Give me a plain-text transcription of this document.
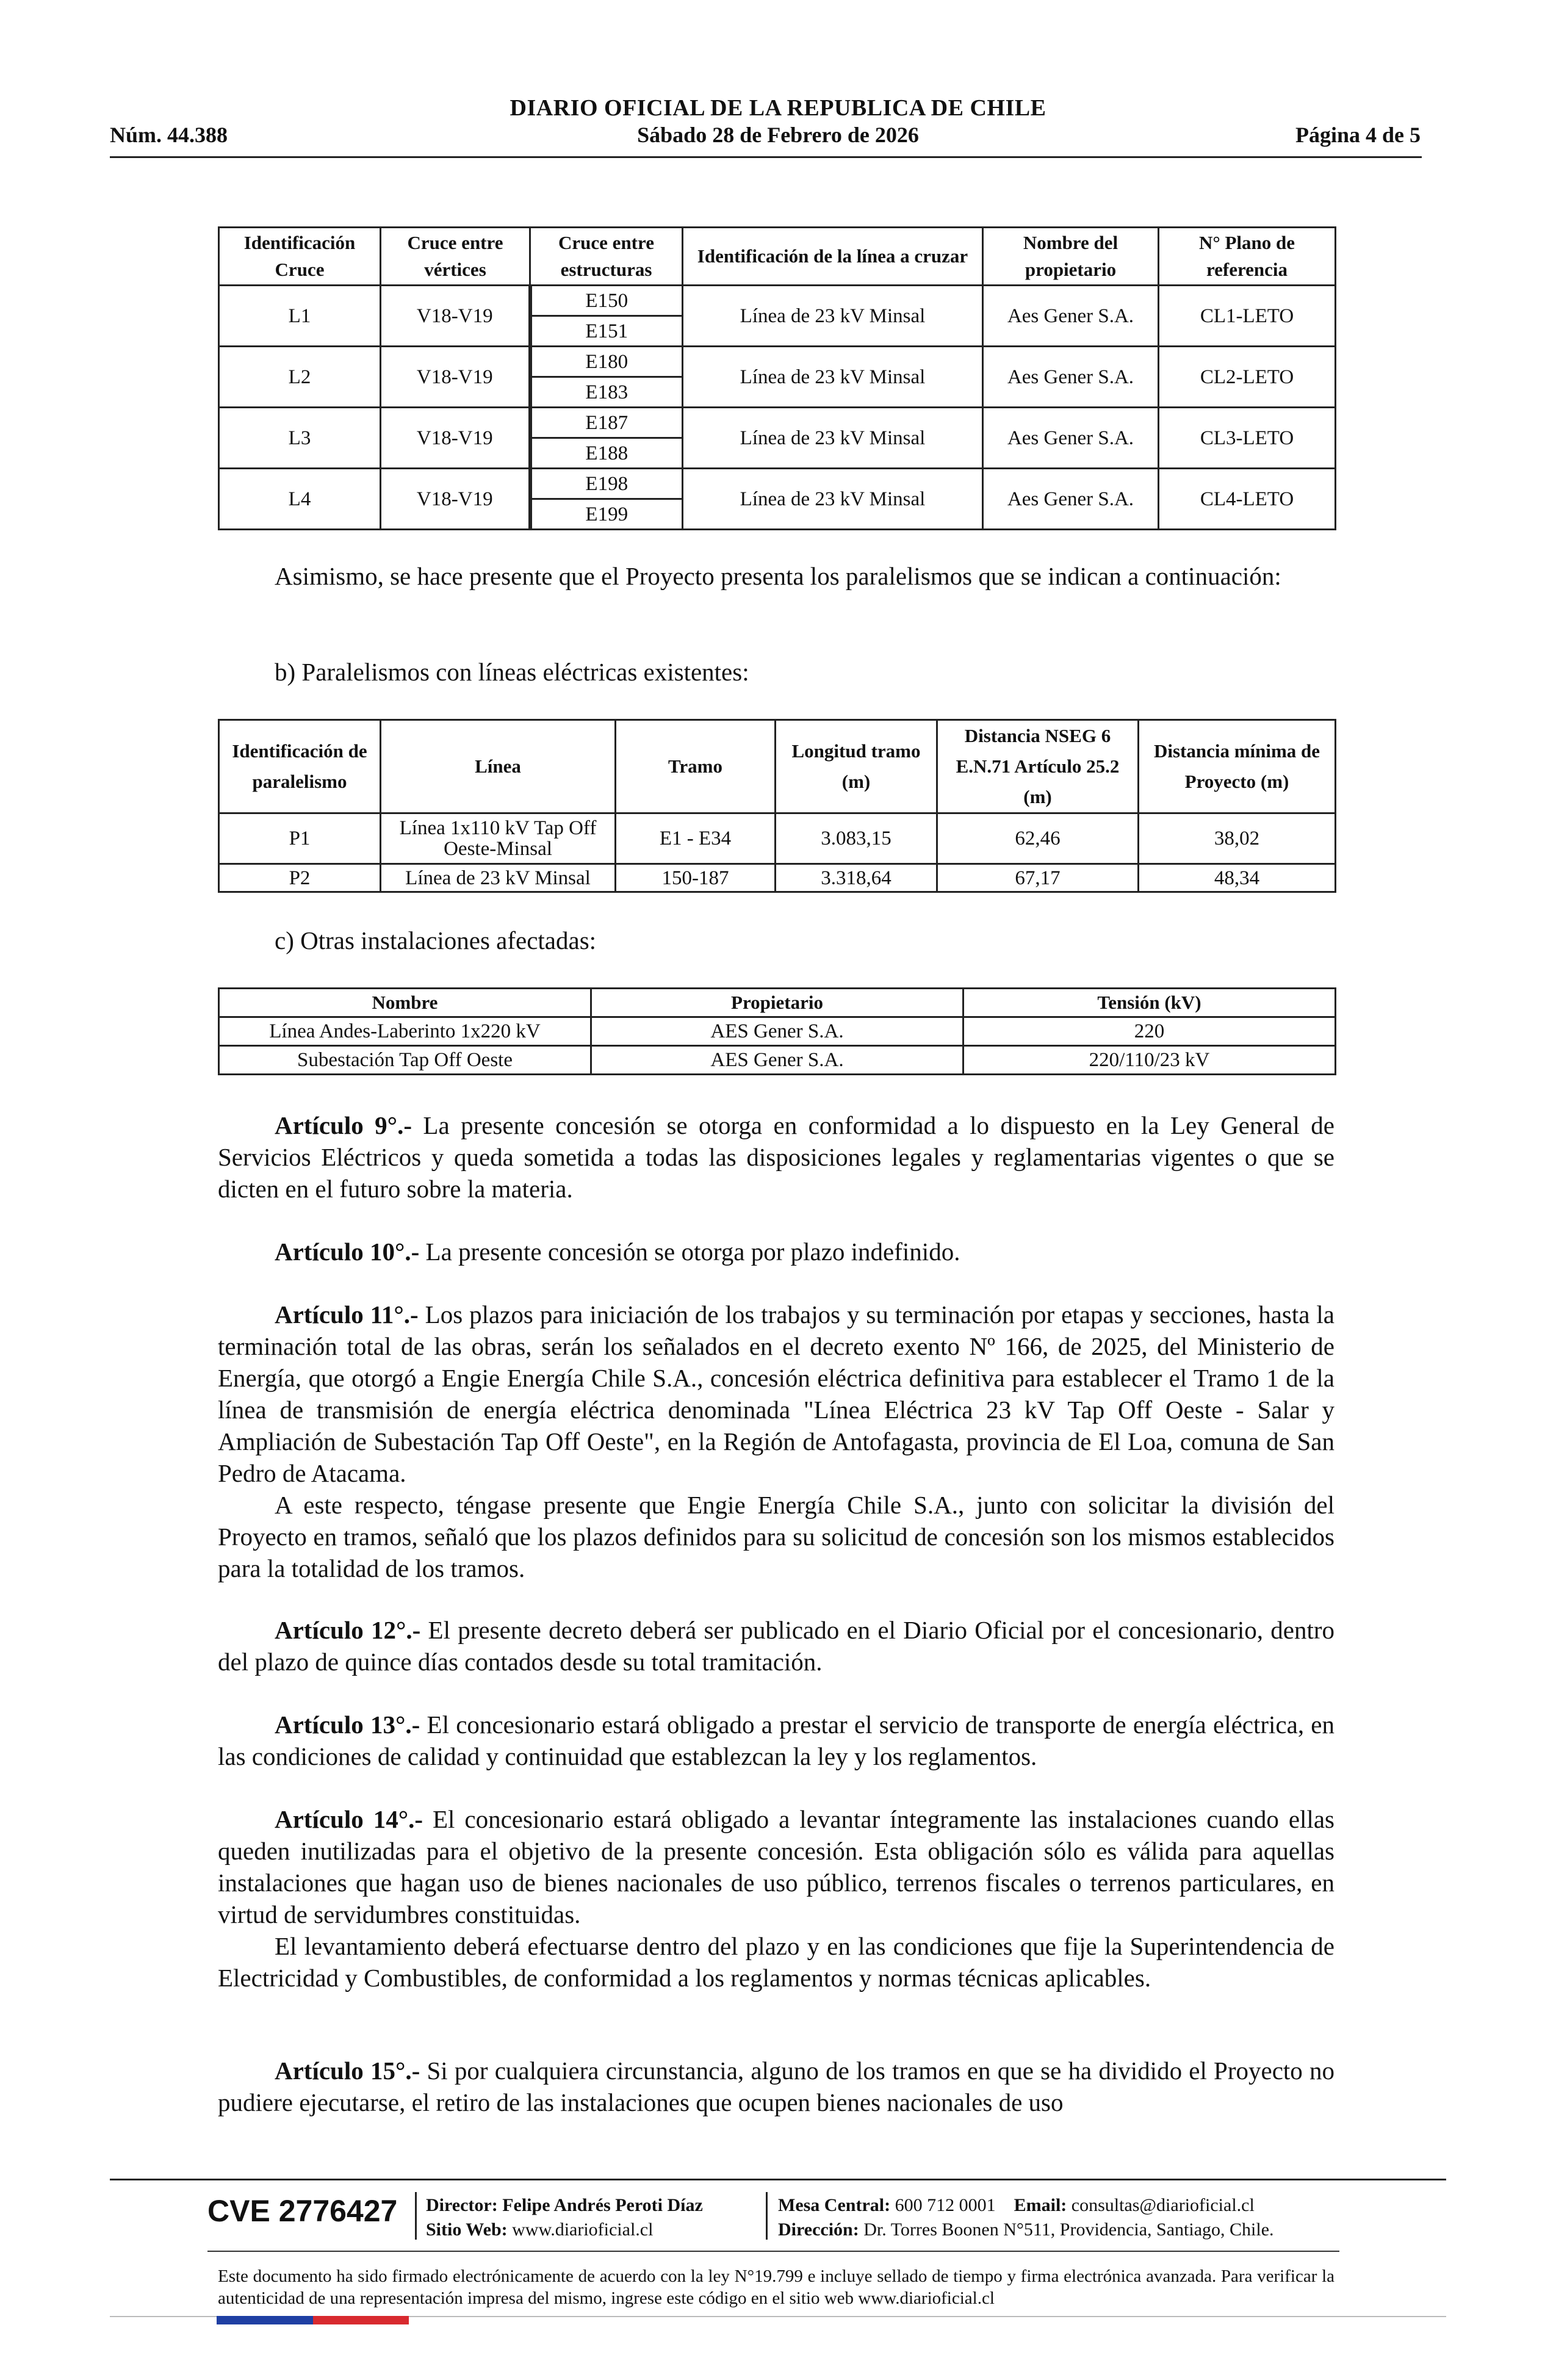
DIARIO OFICIAL DE LA REPUBLICA DE CHILE
Núm. 44.388	Sábado 28 de Febrero de 2026	Página 4 de 5
Identificación Cruce	Cruce entre vértices	Cruce entre estructuras	Identificación de la línea a cruzar	Nombre del propietario	N° Plano de referencia
L1	V18-V19	E150	Línea de 23 kV Minsal	Aes Gener S.A.	CL1-LETO
		E151			
L2	V18-V19	E180	Línea de 23 kV Minsal	Aes Gener S.A.	CL2-LETO
		E183			
L3	V18-V19	E187	Línea de 23 kV Minsal	Aes Gener S.A.	CL3-LETO
		E188			
L4	V18-V19	E198	Línea de 23 kV Minsal	Aes Gener S.A.	CL4-LETO
		E199			
Asimismo, se hace presente que el Proyecto presenta los paralelismos que se indican a continuación:
b) Paralelismos con líneas eléctricas existentes:
Identificación de paralelismo	Línea	Tramo	Longitud tramo (m)	Distancia NSEG 6 E.N.71 Artículo 25.2 (m)	Distancia mínima de Proyecto (m)
P1	Línea 1x110 kV Tap Off Oeste-Minsal	E1 - E34	3.083,15	62,46	38,02
P2	Línea de 23 kV Minsal	150-187	3.318,64	67,17	48,34
c) Otras instalaciones afectadas:
Nombre	Propietario	Tensión (kV)
Línea Andes-Laberinto 1x220 kV	AES Gener S.A.	220
Subestación Tap Off Oeste	AES Gener S.A.	220/110/23 kV
Artículo 9°.- La presente concesión se otorga en conformidad a lo dispuesto en la Ley General de Servicios Eléctricos y queda sometida a todas las disposiciones legales y reglamentarias vigentes o que se dicten en el futuro sobre la materia.
Artículo 10°.- La presente concesión se otorga por plazo indefinido.
Artículo 11°.- Los plazos para iniciación de los trabajos y su terminación por etapas y secciones, hasta la terminación total de las obras, serán los señalados en el decreto exento Nº 166, de 2025, del Ministerio de Energía, que otorgó a Engie Energía Chile S.A., concesión eléctrica definitiva para establecer el Tramo 1 de la línea de transmisión de energía eléctrica denominada "Línea Eléctrica 23 kV Tap Off Oeste - Salar y Ampliación de Subestación Tap Off Oeste", en la Región de Antofagasta, provincia de El Loa, comuna de San Pedro de Atacama.
A este respecto, téngase presente que Engie Energía Chile S.A., junto con solicitar la división del Proyecto en tramos, señaló que los plazos definidos para su solicitud de concesión son los mismos establecidos para la totalidad de los tramos.
Artículo 12°.- El presente decreto deberá ser publicado en el Diario Oficial por el concesionario, dentro del plazo de quince días contados desde su total tramitación.
Artículo 13°.- El concesionario estará obligado a prestar el servicio de transporte de energía eléctrica, en las condiciones de calidad y continuidad que establezcan la ley y los reglamentos.
Artículo 14°.- El concesionario estará obligado a levantar íntegramente las instalaciones cuando ellas queden inutilizadas para el objetivo de la presente concesión. Esta obligación sólo es válida para aquellas instalaciones que hagan uso de bienes nacionales de uso público, terrenos fiscales o terrenos particulares, en virtud de servidumbres constituidas.
El levantamiento deberá efectuarse dentro del plazo y en las condiciones que fije la Superintendencia de Electricidad y Combustibles, de conformidad a los reglamentos y normas técnicas aplicables.
Artículo 15°.- Si por cualquiera circunstancia, alguno de los tramos en que se ha dividido el Proyecto no pudiere ejecutarse, el retiro de las instalaciones que ocupen bienes nacionales de uso
CVE 2776427 Director: Felipe Andrés Peroti Díaz
Sitio Web: www.diarioficial.cl
Mesa Central: 600 712 0001 Email: consultas@diarioficial.cl
Dirección: Dr. Torres Boonen N°511, Providencia, Santiago, Chile.
Este documento ha sido firmado electrónicamente de acuerdo con la ley N°19.799 e incluye sellado de tiempo y firma electrónica avanzada. Para verificar la autenticidad de una representación impresa del mismo, ingrese este código en el sitio web www.diarioficial.cl
